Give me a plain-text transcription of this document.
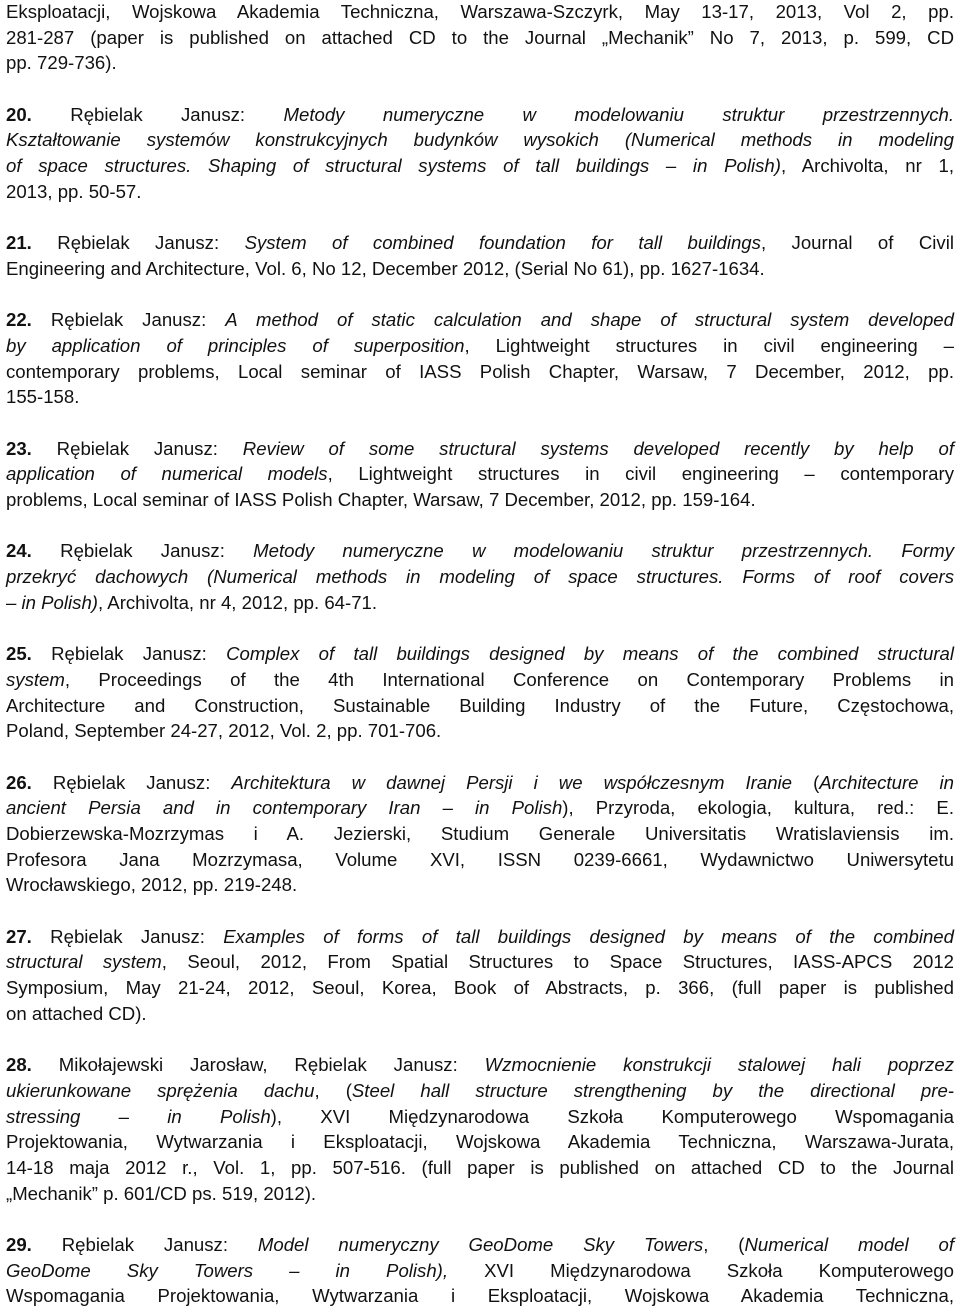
Eksploatacji, Wojskowa Akademia Techniczna, Warszawa-Szczyrk, May 13-17, 2013, Vol 2, pp.
281-287 (paper is published on attached CD to the Journal „Mechanik” No 7, 2013, p. 599, CD
pp. 729-736).
20. Rębielak Janusz: Metody numeryczne w modelowaniu struktur przestrzennych.
Kształtowanie systemów konstrukcyjnych budynków wysokich (Numerical methods in modeling
of space structures. Shaping of structural systems of tall buildings – in Polish), Archivolta, nr 1,
2013, pp. 50-57.
21. Rębielak Janusz: System of combined foundation for tall buildings, Journal of Civil
Engineering and Architecture, Vol. 6, No 12, December 2012, (Serial No 61), pp. 1627-1634.
22. Rębielak Janusz: A method of static calculation and shape of structural system developed
by application of principles of superposition, Lightweight structures in civil engineering –
contemporary problems, Local seminar of IASS Polish Chapter, Warsaw, 7 December, 2012, pp.
155-158.
23. Rębielak Janusz: Review of some structural systems developed recently by help of
application of numerical models, Lightweight structures in civil engineering – contemporary
problems, Local seminar of IASS Polish Chapter, Warsaw, 7 December, 2012, pp. 159-164.
24. Rębielak Janusz: Metody numeryczne w modelowaniu struktur przestrzennych. Formy
przekryć dachowych (Numerical methods in modeling of space structures. Forms of roof covers
– in Polish), Archivolta, nr 4, 2012, pp. 64-71.
25. Rębielak Janusz: Complex of tall buildings designed by means of the combined structural
system, Proceedings of the 4th International Conference on Contemporary Problems in
Architecture and Construction, Sustainable Building Industry of the Future, Częstochowa,
Poland, September 24-27, 2012, Vol. 2, pp. 701-706.
26. Rębielak Janusz: Architektura w dawnej Persji i we współczesnym Iranie (Architecture in
ancient Persia and in contemporary Iran – in Polish), Przyroda, ekologia, kultura, red.: E.
Dobierzewska-Mozrzymas i A. Jezierski, Studium Generale Universitatis Wratislaviensis im.
Profesora Jana Mozrzymasa, Volume XVI, ISSN 0239-6661, Wydawnictwo Uniwersytetu
Wrocławskiego, 2012, pp. 219-248.
27. Rębielak Janusz: Examples of forms of tall buildings designed by means of the combined
structural system, Seoul, 2012, From Spatial Structures to Space Structures, IASS-APCS 2012
Symposium, May 21-24, 2012, Seoul, Korea, Book of Abstracts, p. 366, (full paper is published
on attached CD).
28. Mikołajewski Jarosław, Rębielak Janusz: Wzmocnienie konstrukcji stalowej hali poprzez
ukierunkowane sprężenia dachu, (Steel hall structure strengthening by the directional pre-
stressing – in Polish), XVI Międzynarodowa Szkoła Komputerowego Wspomagania
Projektowania, Wytwarzania i Eksploatacji, Wojskowa Akademia Techniczna, Warszawa-Jurata,
14-18 maja 2012 r., Vol. 1, pp. 507-516. (full paper is published on attached CD to the Journal
„Mechanik” p. 601/CD ps. 519, 2012).
29. Rębielak Janusz: Model numeryczny GeoDome Sky Towers, (Numerical model of
GeoDome Sky Towers – in Polish), XVI Międzynarodowa Szkoła Komputerowego
Wspomagania Projektowania, Wytwarzania i Eksploatacji, Wojskowa Akademia Techniczna,
